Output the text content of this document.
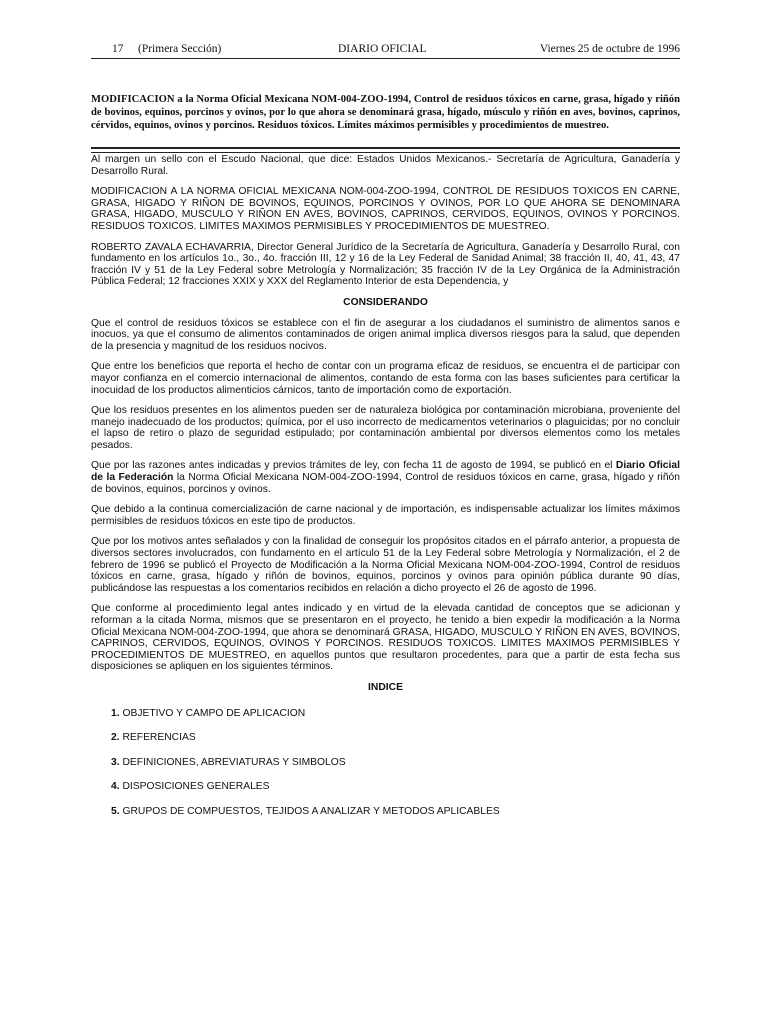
17 (Primera Sección)	DIARIO OFICIAL	Viernes 25 de octubre de 1996

MODIFICACION a la Norma Oficial Mexicana NOM-004-ZOO-1994, Control de residuos tóxicos en carne, grasa, hígado y riñón de bovinos, equinos, porcinos y ovinos, por lo que ahora se denominará grasa, hígado, músculo y riñón en aves, bovinos, caprinos, cérvidos, equinos, ovinos y porcinos. Residuos tóxicos. Límites máximos permisibles y procedimientos de muestreo.

Al margen un sello con el Escudo Nacional, que dice: Estados Unidos Mexicanos.- Secretaría de Agricultura, Ganadería y Desarrollo Rural.

MODIFICACION A LA NORMA OFICIAL MEXICANA NOM-004-ZOO-1994, CONTROL DE RESIDUOS TOXICOS EN CARNE, GRASA, HIGADO Y RIÑON DE BOVINOS, EQUINOS, PORCINOS Y OVINOS, POR LO QUE AHORA SE DENOMINARA GRASA, HIGADO, MUSCULO Y RIÑON EN AVES, BOVINOS, CAPRINOS, CERVIDOS, EQUINOS, OVINOS Y PORCINOS. RESIDUOS TOXICOS. LIMITES MAXIMOS PERMISIBLES Y PROCEDIMIENTOS DE MUESTREO.

ROBERTO ZAVALA ECHAVARRIA, Director General Jurídico de la Secretaría de Agricultura, Ganadería y Desarrollo Rural, con fundamento en los artículos 1o., 3o., 4o. fracción III, 12 y 16 de la Ley Federal de Sanidad Animal; 38 fracción II, 40, 41, 43, 47 fracción IV y 51 de la Ley Federal sobre Metrología y Normalización; 35 fracción IV de la Ley Orgánica de la Administración Pública Federal; 12 fracciones XXIX y XXX del Reglamento Interior de esta Dependencia, y

CONSIDERANDO

Que el control de residuos tóxicos se establece con el fin de asegurar a los ciudadanos el suministro de alimentos sanos e inocuos, ya que el consumo de alimentos contaminados de origen animal implica diversos riesgos para la salud, que dependen de la presencia y magnitud de los residuos nocivos.

Que entre los beneficios que reporta el hecho de contar con un programa eficaz de residuos, se encuentra el de participar con mayor confianza en el comercio internacional de alimentos, contando de esta forma con las bases suficientes para certificar la inocuidad de los productos alimenticios cárnicos, tanto de importación como de exportación.

Que los residuos presentes en los alimentos pueden ser de naturaleza biológica por contaminación microbiana, proveniente del manejo inadecuado de los productos; química, por el uso incorrecto de medicamentos veterinarios o plaguicidas; por no concluir el lapso de retiro o plazo de seguridad estipulado; por contaminación ambiental por diversos elementos como los metales pesados.

Que por las razones antes indicadas y previos trámites de ley, con fecha 11 de agosto de 1994, se publicó en el Diario Oficial de la Federación la Norma Oficial Mexicana NOM-004-ZOO-1994, Control de residuos tóxicos en carne, grasa, hígado y riñón de bovinos, equinos, porcinos y ovinos.

Que debido a la continua comercialización de carne nacional y de importación, es indispensable actualizar los límites máximos permisibles de residuos tóxicos en este tipo de productos.

Que por los motivos antes señalados y con la finalidad de conseguir los propósitos citados en el párrafo anterior, a propuesta de diversos sectores involucrados, con fundamento en el artículo 51 de la Ley Federal sobre Metrología y Normalización, el 2 de febrero de 1996 se publicó el Proyecto de Modificación a la Norma Oficial Mexicana NOM-004-ZOO-1994, Control de residuos tóxicos en carne, grasa, hígado y riñón de bovinos, equinos, porcinos y ovinos para opinión pública durante 90 días, publicándose las respuestas a los comentarios recibidos en relación a dicho proyecto el 26 de agosto de 1996.

Que conforme al procedimiento legal antes indicado y en virtud de la elevada cantidad de conceptos que se adicionan y reforman a la citada Norma, mismos que se presentaron en el proyecto, he tenido a bien expedir la modificación a la Norma Oficial Mexicana NOM-004-ZOO-1994, que ahora se denominará GRASA, HIGADO, MUSCULO Y RIÑON EN AVES, BOVINOS, CAPRINOS, CERVIDOS, EQUINOS, OVINOS Y PORCINOS. RESIDUOS TOXICOS. LIMITES MAXIMOS PERMISIBLES Y PROCEDIMIENTOS DE MUESTREO, en aquellos puntos que resultaron procedentes, para que a partir de esta fecha sus disposiciones se apliquen en los siguientes términos.

INDICE

1. OBJETIVO Y CAMPO DE APLICACION
2. REFERENCIAS
3. DEFINICIONES, ABREVIATURAS Y SIMBOLOS
4. DISPOSICIONES GENERALES
5. GRUPOS DE COMPUESTOS, TEJIDOS A ANALIZAR Y METODOS APLICABLES
